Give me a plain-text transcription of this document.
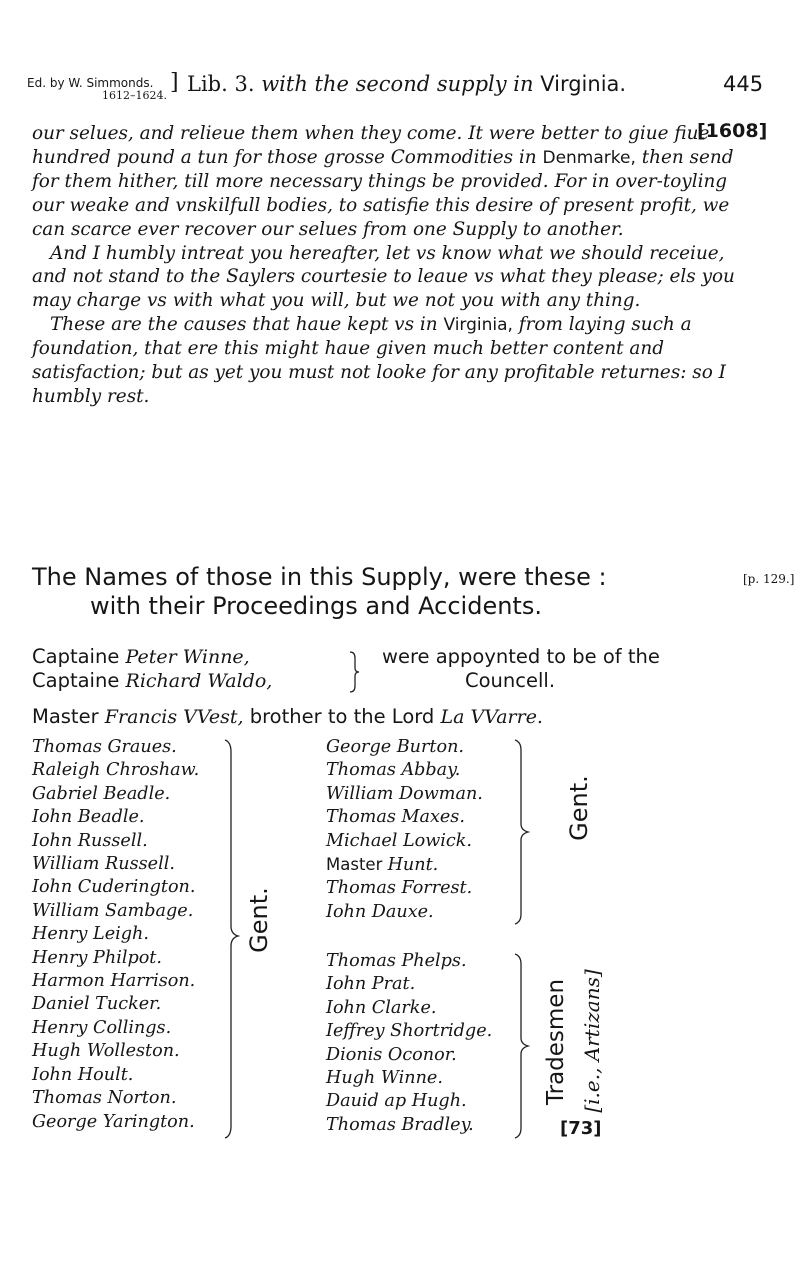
Ed. by W. Simmonds.
1612–1624.
] Lib. 3. with the second supply in Virginia.	445
[1608]
[p. 129.]

our selues, and relieue them when they come. It were better to giue fiue hundred pound a tun for those grosse Commodities in Denmarke, then send for them hither, till more necessary things be provided. For in over-toyling our weake and vnskilfull bodies, to satisfie this desire of present profit, we can scarce ever recover our selues from one Supply to another.

And I humbly intreat you hereafter, let vs know what we should receiue, and not stand to the Saylers courtesie to leaue vs what they please; els you may charge vs with what you will, but we not you with any thing.

These are the causes that haue kept vs in Virginia, from laying such a foundation, that ere this might haue given much better content and satisfaction; but as yet you must not looke for any profitable returnes: so I humbly rest.

The Names of those in this Supply, were these :
with their Proceedings and Accidents.
Captaine Peter Winne,
Captaine Richard Waldo,
were appoynted to be of the
Councell.
Master Francis VVest, brother to the Lord La VVarre.
Thomas Graues.
Raleigh Chroshaw.
Gabriel Beadle.
Iohn Beadle.
Iohn Russell.
William Russell.
Iohn Cuderington.
William Sambage.
Henry Leigh.
Henry Philpot.
Harmon Harrison.
Daniel Tucker.
Henry Collings.
Hugh Wolleston.
Iohn Hoult.
Thomas Norton.
George Yarington.
Gent.
George Burton.
Thomas Abbay.
William Dowman.
Thomas Maxes.
Michael Lowick.
Master Hunt.
Thomas Forrest.
Iohn Dauxe.
Gent.
Thomas Phelps.
Iohn Prat.
Iohn Clarke.
Ieffrey Shortridge.
Dionis Oconor.
Hugh Winne.
Dauid ap Hugh.
Thomas Bradley.
Tradesmen [i.e., Artizans]
[73]
